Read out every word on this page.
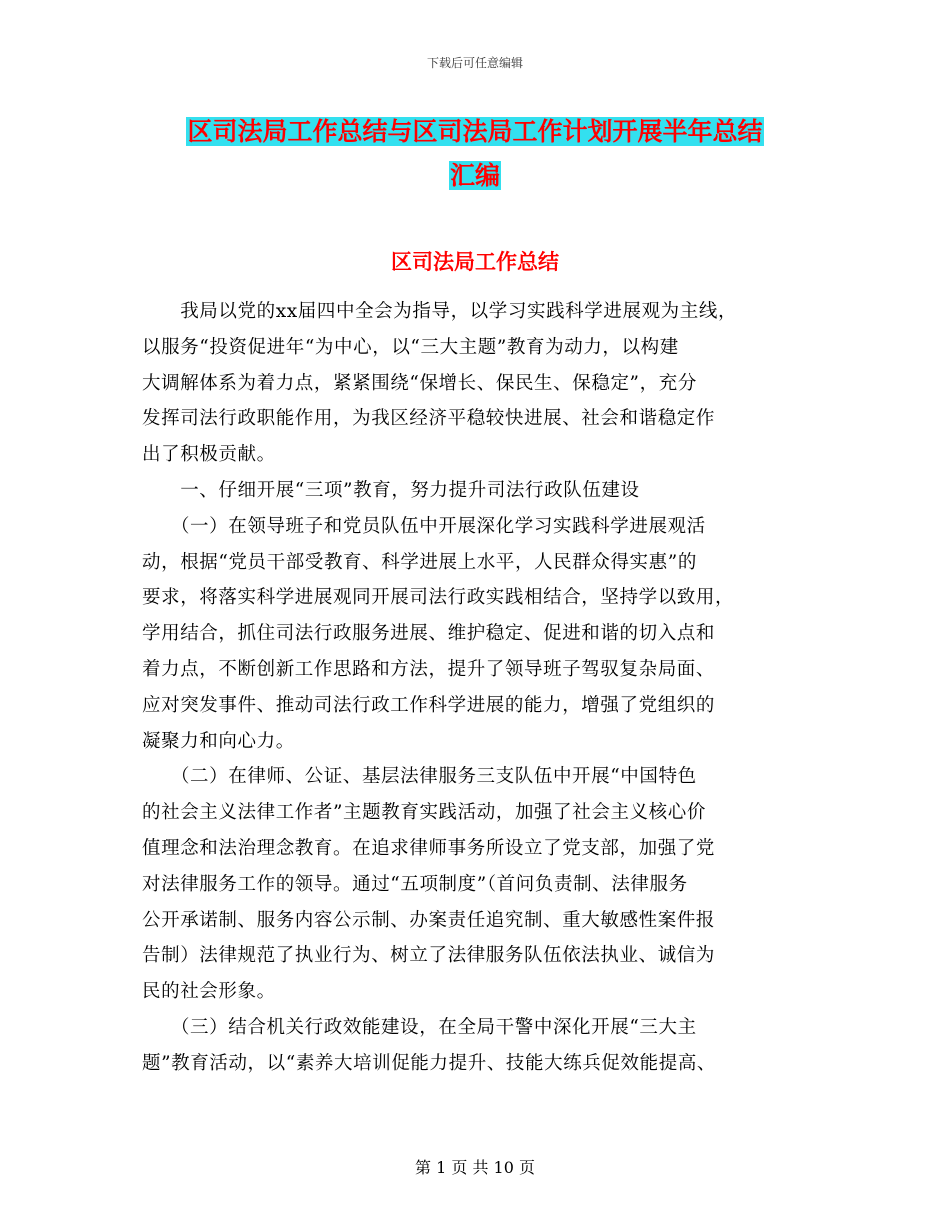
下载后可任意编辑
区司法局工作总结与区司法局工作计划开展半年总结
汇编
区司法局工作总结
　　我局以党的xx届四中全会为指导，以学习实践科学进展观为主线，
以服务“投资促进年“为中心，以“三大主题”教育为动力，以构建
大调解体系为着力点，紧紧围绕“保增长、保民生、保稳定”，充分
发挥司法行政职能作用，为我区经济平稳较快进展、社会和谐稳定作
出了积极贡献。
　　一、仔细开展“三项”教育，努力提升司法行政队伍建设
　　（一）在领导班子和党员队伍中开展深化学习实践科学进展观活
动，根据“党员干部受教育、科学进展上水平，人民群众得实惠”的
要求，将落实科学进展观同开展司法行政实践相结合，坚持学以致用，
学用结合，抓住司法行政服务进展、维护稳定、促进和谐的切入点和
着力点，不断创新工作思路和方法，提升了领导班子驾驭复杂局面、
应对突发事件、推动司法行政工作科学进展的能力，增强了党组织的
凝聚力和向心力。
　　（二）在律师、公证、基层法律服务三支队伍中开展“中国特色
的社会主义法律工作者”主题教育实践活动，加强了社会主义核心价
值理念和法治理念教育。在追求律师事务所设立了党支部，加强了党
对法律服务工作的领导。通过“五项制度”（首问负责制、法律服务
公开承诺制、服务内容公示制、办案责任追究制、重大敏感性案件报
告制）法律规范了执业行为、树立了法律服务队伍依法执业、诚信为
民的社会形象。
　　（三）结合机关行政效能建设，在全局干警中深化开展“三大主
题”教育活动，以“素养大培训促能力提升、技能大练兵促效能提高、
第 1 页 共 10 页
